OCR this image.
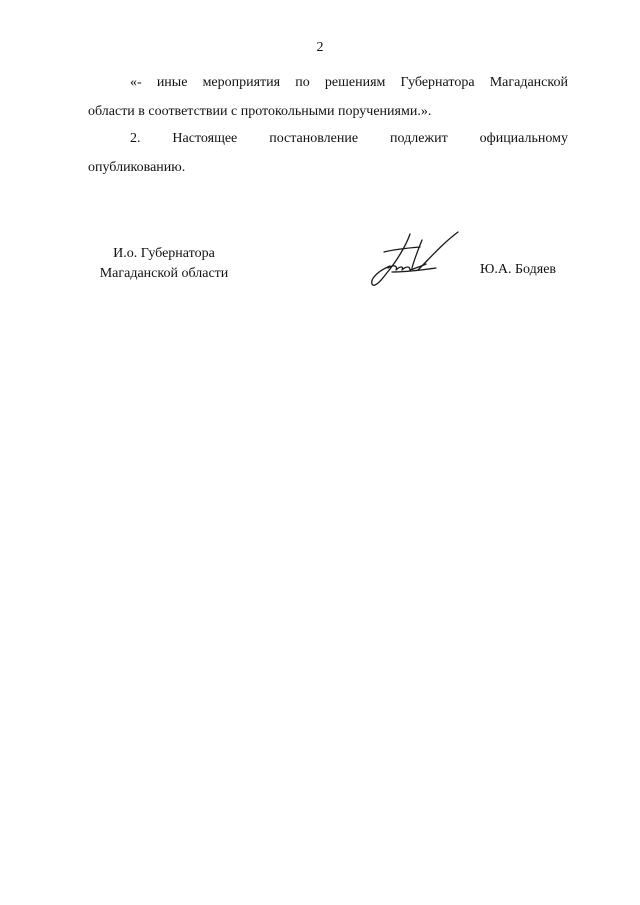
2
«- иные мероприятия по решениям Губернатора Магаданской
области в соответствии с протокольными поручениями.».
2. Настоящее постановление подлежит официальному
опубликованию.
И.о. Губернатора
Магаданской области	Ю.А. Бодяев
